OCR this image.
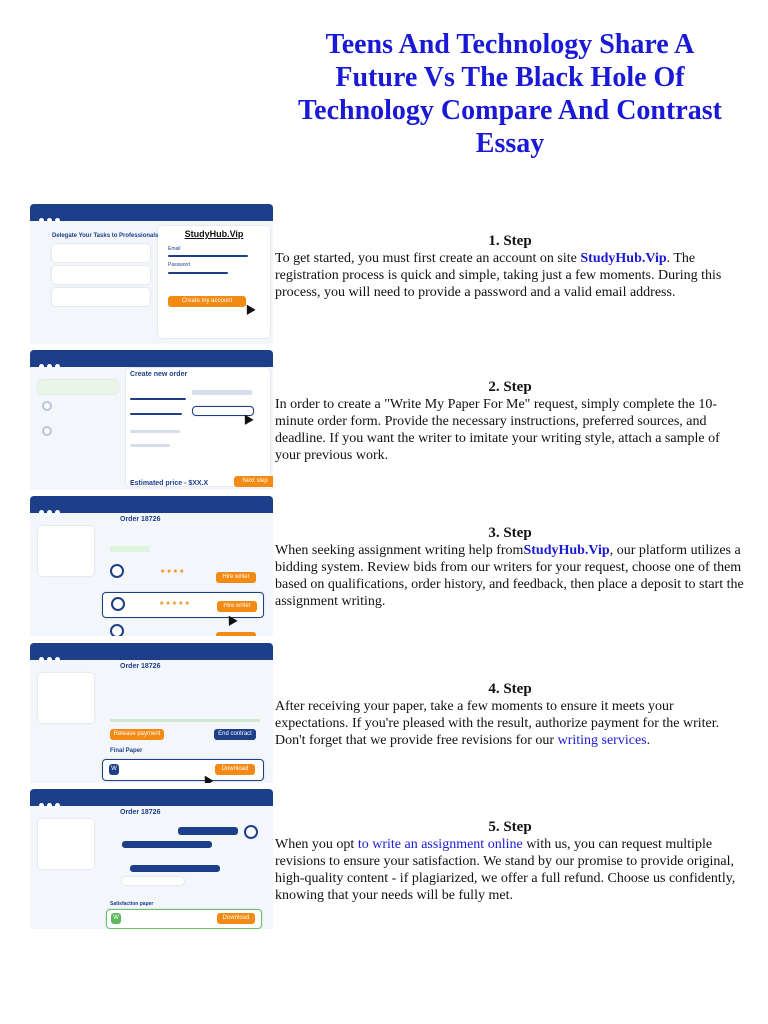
Teens And Technology Share A Future Vs The Black Hole Of Technology Compare And Contrast Essay
Delegate Your Tasks to Professionals	StudyHub.Vip
Email
Password
Create my account
Create new order
Estimated price - $XX.X	Next step
Order 18726
★★★★
Hire writer
★★★★★	Hire writer
Order 18726
Release payment	End contract
Final Paper
W	Download
Order 18726
Satisfaction paper
W	Download
1. Step

To get started, you must first create an account on site StudyHub.Vip. The registration process is quick and simple, taking just a few moments. During this process, you will need to provide a password and a valid email address.

2. Step

In order to create a "Write My Paper For Me" request, simply complete the 10-minute order form. Provide the necessary instructions, preferred sources, and deadline. If you want the writer to imitate your writing style, attach a sample of your previous work.

3. Step

When seeking assignment writing help fromStudyHub.Vip, our platform utilizes a bidding system. Review bids from our writers for your request, choose one of them based on qualifications, order history, and feedback, then place a deposit to start the assignment writing.

4. Step

After receiving your paper, take a few moments to ensure it meets your expectations. If you're pleased with the result, authorize payment for the writer. Don't forget that we provide free revisions for our writing services.

5. Step

When you opt to write an assignment online with us, you can request multiple revisions to ensure your satisfaction. We stand by our promise to provide original, high-quality content - if plagiarized, we offer a full refund. Choose us confidently, knowing that your needs will be fully met.
